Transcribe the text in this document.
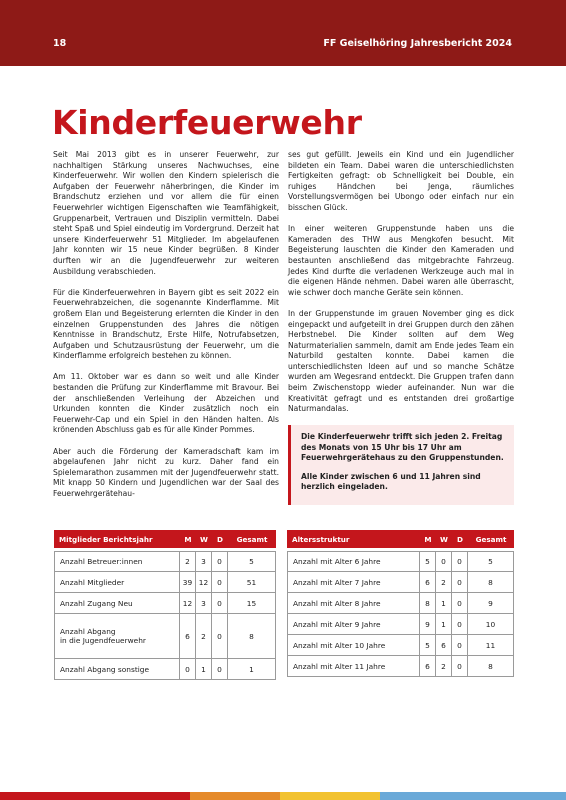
18	FF Geiselhöring Jahresbericht 2024
Kinderfeuerwehr

Seit Mai 2013 gibt es in unserer Feuerwehr, zur nachhaltigen Stärkung unseres Nachwuchses, eine Kinderfeuerwehr. Wir wollen den Kindern spielerisch die Aufgaben der Feuerwehr näherbringen, die Kinder im Brandschutz erziehen und vor allem die für einen Feuerwehrler wichtigen Eigenschaften wie Teamfähigkeit, Gruppenarbeit, Vertrauen und Disziplin vermitteln. Dabei steht Spaß und Spiel eindeutig im Vordergrund. Derzeit hat unsere Kinderfeuerwehr 51 Mitglieder. Im abgelaufenen Jahr konnten wir 15 neue Kinder begrüßen. 8 Kinder durften wir an die Jugendfeuerwehr zur weiteren Ausbildung verabschieden.

Für die Kinderfeuerwehren in Bayern gibt es seit 2022 ein Feuerwehrabzeichen, die sogenannte Kinderflamme. Mit großem Elan und Begeisterung erlernten die Kinder in den einzelnen Gruppenstunden des Jahres die nötigen Kenntnisse in Brandschutz, Erste Hilfe, Notrufabsetzen, Aufgaben und Schutzausrüstung der Feuerwehr, um die Kinderflamme erfolgreich bestehen zu können.

Am 11. Oktober war es dann so weit und alle Kinder bestanden die Prüfung zur Kinderflamme mit Bravour. Bei der anschließenden Verleihung der Abzeichen und Urkunden konnten die Kinder zusätzlich noch ein Feuerwehr-Cap und ein Spiel in den Händen halten. Als krönenden Abschluss gab es für alle Kinder Pommes.

Aber auch die Förderung der Kameradschaft kam im abgelaufenen Jahr nicht zu kurz. Daher fand ein Spielemarathon zusammen mit der Jugendfeuerwehr statt. Mit knapp 50 Kindern und Jugendlichen war der Saal des Feuerwehrgerätehau-

ses gut gefüllt. Jeweils ein Kind und ein Jugendlicher bildeten ein Team. Dabei waren die unterschiedlichsten Fertigkeiten gefragt: ob Schnelligkeit bei Double, ein ruhiges Händchen bei Jenga, räumliches Vorstellungsvermögen bei Ubongo oder einfach nur ein bisschen Glück.

In einer weiteren Gruppenstunde haben uns die Kameraden des THW aus Mengkofen besucht. Mit Begeisterung lauschten die Kinder den Kameraden und bestaunten anschließend das mitgebrachte Fahrzeug. Jedes Kind durfte die verladenen Werkzeuge auch mal in die eigenen Hände nehmen. Dabei waren alle überrascht, wie schwer doch manche Geräte sein können.

In der Gruppenstunde im grauen November ging es dick eingepackt und aufgeteilt in drei Gruppen durch den zähen Herbstnebel. Die Kinder sollten auf dem Weg Naturmaterialien sammeln, damit am Ende jedes Team ein Naturbild gestalten konnte. Dabei kamen die unterschiedlichsten Ideen auf und so manche Schätze wurden am Wegesrand entdeckt. Die Gruppen trafen dann beim Zwischenstopp wieder aufeinander. Nun war die Kreativität gefragt und es entstanden drei großartige Naturmandalas.

Die Kinderfeuerwehr trifft sich jeden 2. Freitag des Monats von 15 Uhr bis 17 Uhr am Feuerwehrgerätehaus zu den Gruppenstunden.

Alle Kinder zwischen 6 und 11 Jahren sind herzlich eingeladen.

Mitglieder Berichtsjahr	M	W	D	Gesamt

Anzahl Betreuer:innen	2	3	0	5
Anzahl Mitglieder	39	12	0	51
Anzahl Zugang Neu	12	3	0	15
Anzahl Abgang
in die Jugendfeuerwehr	6	2	0	8
Anzahl Abgang sonstige	0	1	0	1
Altersstruktur	M	W	D	Gesamt

Anzahl mit Alter 6 Jahre	5	0	0	5
Anzahl mit Alter 7 Jahre	6	2	0	8
Anzahl mit Alter 8 Jahre	8	1	0	9
Anzahl mit Alter 9 Jahre	9	1	0	10
Anzahl mit Alter 10 Jahre	5	6	0	11
Anzahl mit Alter 11 Jahre	6	2	0	8
